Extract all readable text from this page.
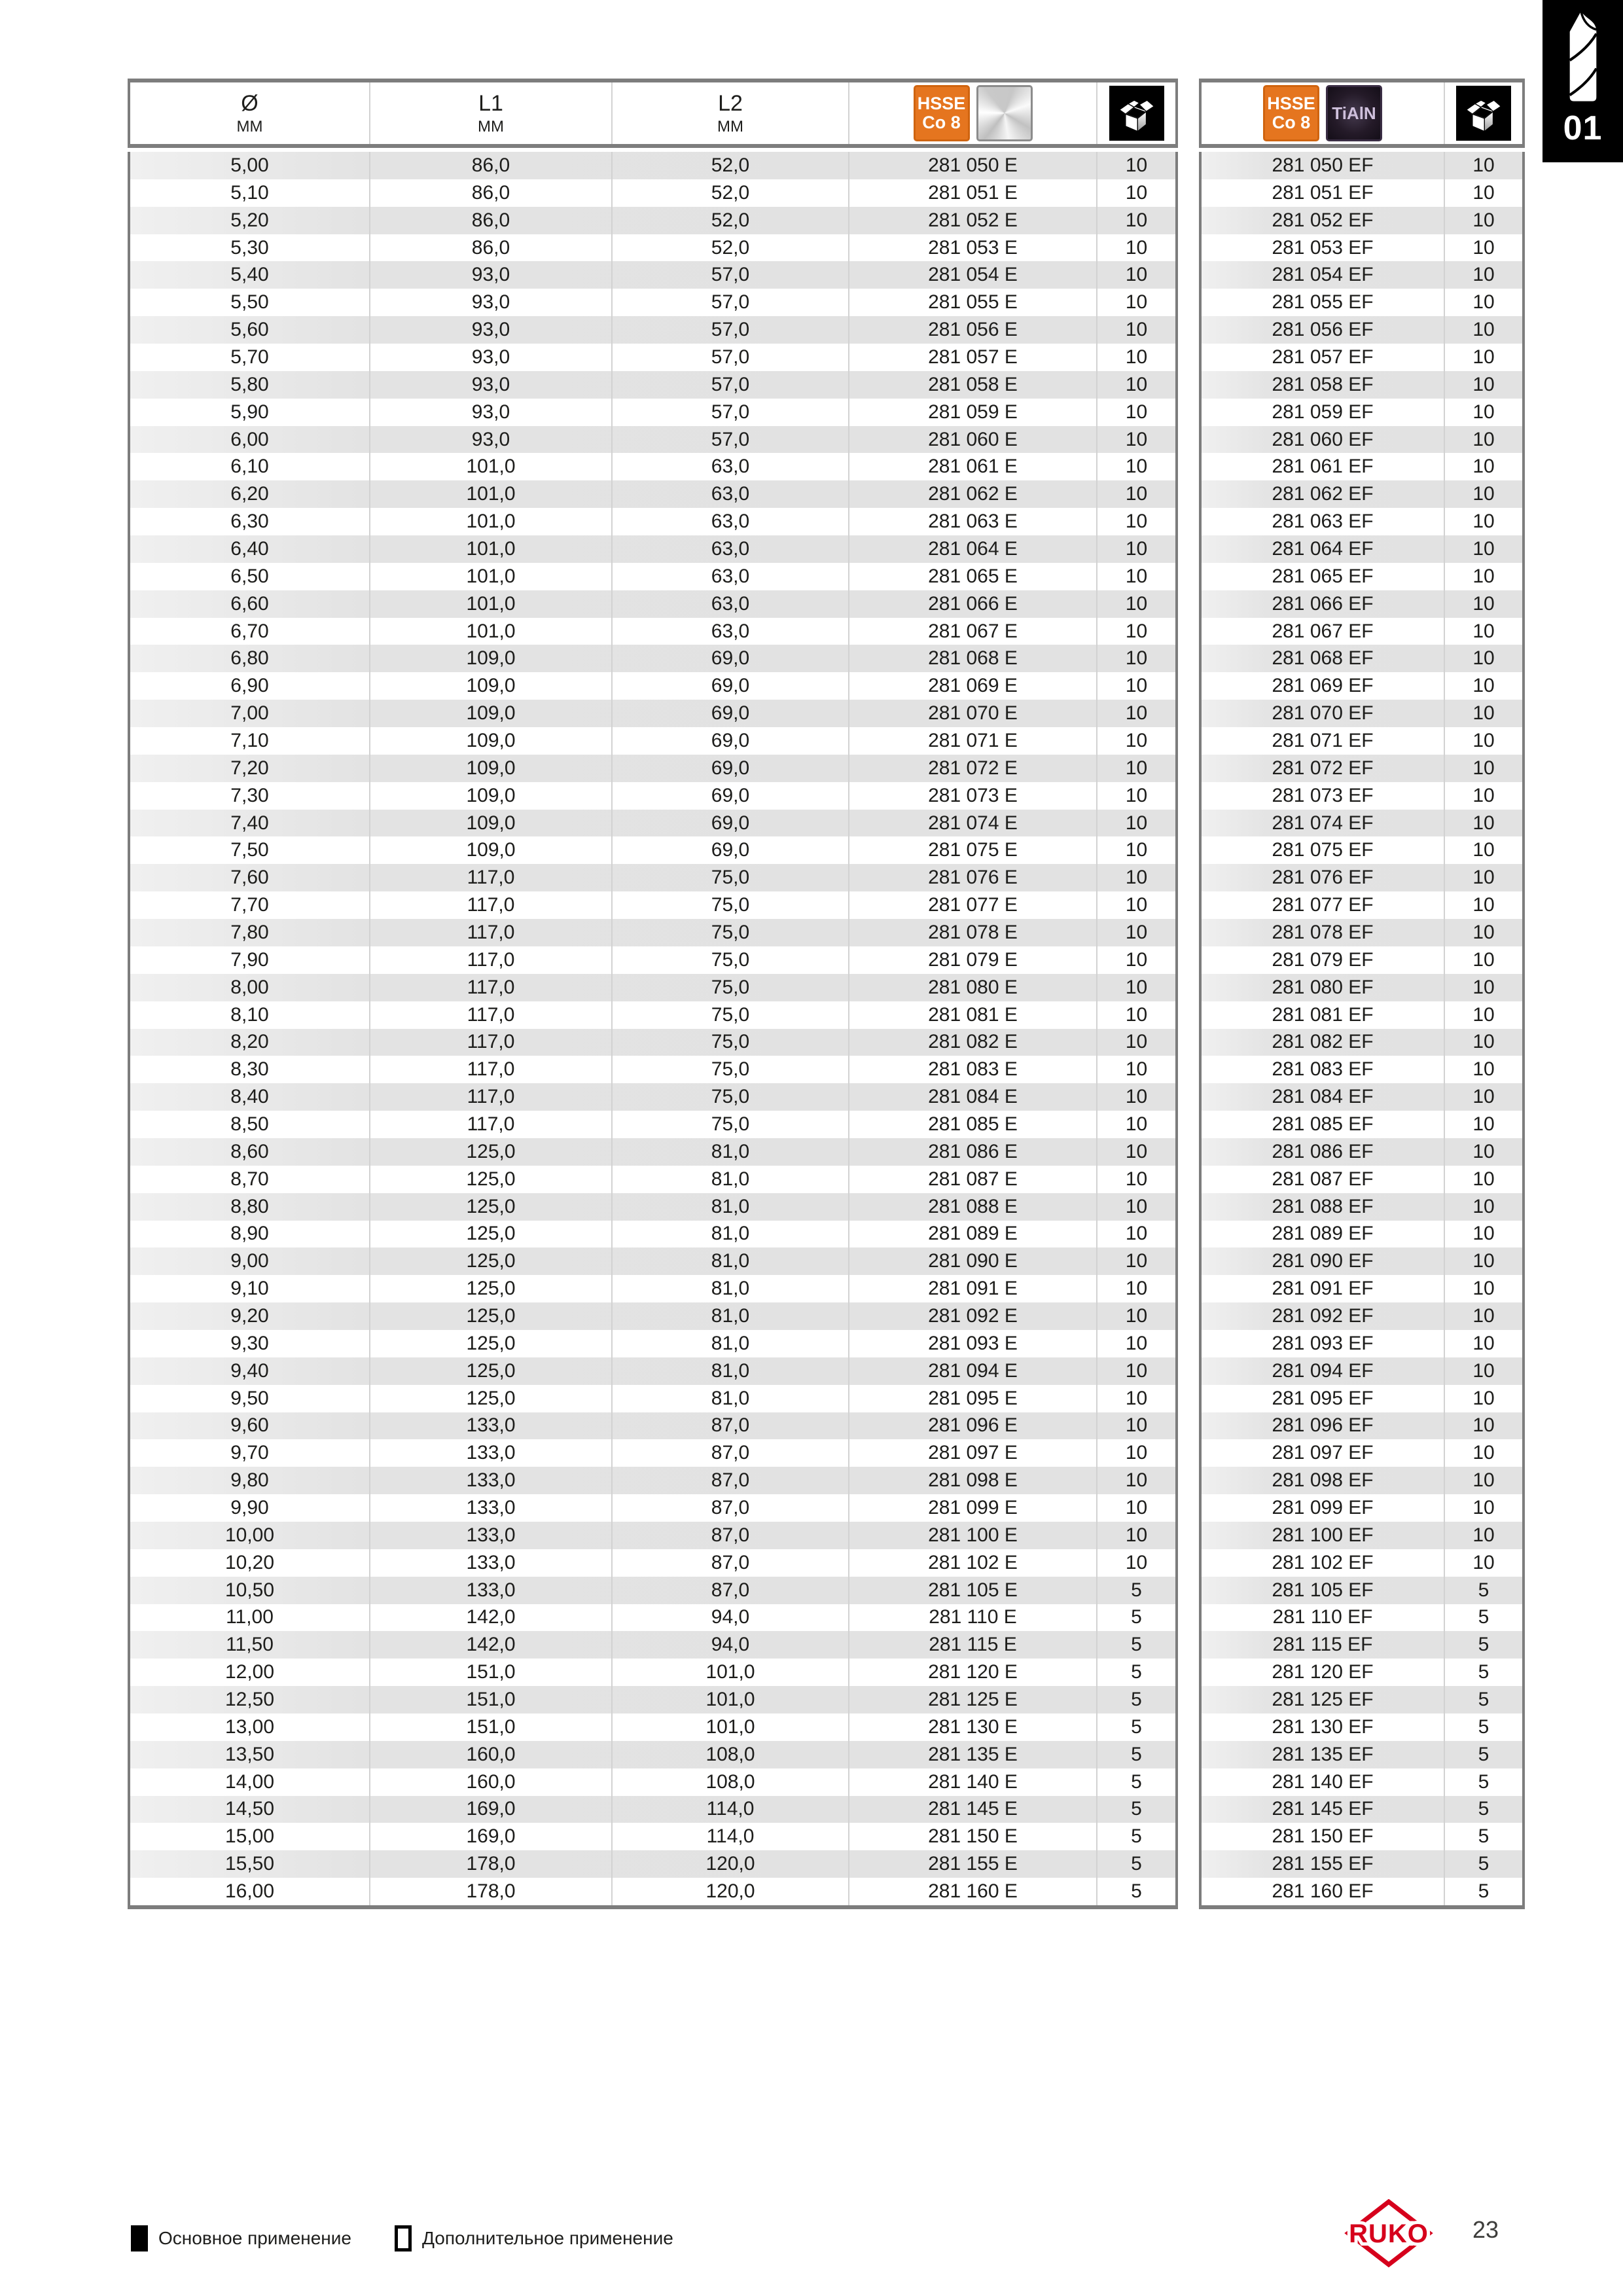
01
Ø
MM
L1
MM
L2
MM
HSSE
Co 8
5,00	86,0	52,0	281 050 E	10
5,10	86,0	52,0	281 051 E	10
5,20	86,0	52,0	281 052 E	10
5,30	86,0	52,0	281 053 E	10
5,40	93,0	57,0	281 054 E	10
5,50	93,0	57,0	281 055 E	10
5,60	93,0	57,0	281 056 E	10
5,70	93,0	57,0	281 057 E	10
5,80	93,0	57,0	281 058 E	10
5,90	93,0	57,0	281 059 E	10
6,00	93,0	57,0	281 060 E	10
6,10	101,0	63,0	281 061 E	10
6,20	101,0	63,0	281 062 E	10
6,30	101,0	63,0	281 063 E	10
6,40	101,0	63,0	281 064 E	10
6,50	101,0	63,0	281 065 E	10
6,60	101,0	63,0	281 066 E	10
6,70	101,0	63,0	281 067 E	10
6,80	109,0	69,0	281 068 E	10
6,90	109,0	69,0	281 069 E	10
7,00	109,0	69,0	281 070 E	10
7,10	109,0	69,0	281 071 E	10
7,20	109,0	69,0	281 072 E	10
7,30	109,0	69,0	281 073 E	10
7,40	109,0	69,0	281 074 E	10
7,50	109,0	69,0	281 075 E	10
7,60	117,0	75,0	281 076 E	10
7,70	117,0	75,0	281 077 E	10
7,80	117,0	75,0	281 078 E	10
7,90	117,0	75,0	281 079 E	10
8,00	117,0	75,0	281 080 E	10
8,10	117,0	75,0	281 081 E	10
8,20	117,0	75,0	281 082 E	10
8,30	117,0	75,0	281 083 E	10
8,40	117,0	75,0	281 084 E	10
8,50	117,0	75,0	281 085 E	10
8,60	125,0	81,0	281 086 E	10
8,70	125,0	81,0	281 087 E	10
8,80	125,0	81,0	281 088 E	10
8,90	125,0	81,0	281 089 E	10
9,00	125,0	81,0	281 090 E	10
9,10	125,0	81,0	281 091 E	10
9,20	125,0	81,0	281 092 E	10
9,30	125,0	81,0	281 093 E	10
9,40	125,0	81,0	281 094 E	10
9,50	125,0	81,0	281 095 E	10
9,60	133,0	87,0	281 096 E	10
9,70	133,0	87,0	281 097 E	10
9,80	133,0	87,0	281 098 E	10
9,90	133,0	87,0	281 099 E	10
10,00	133,0	87,0	281 100 E	10
10,20	133,0	87,0	281 102 E	10
10,50	133,0	87,0	281 105 E	5
11,00	142,0	94,0	281 110 E	5
11,50	142,0	94,0	281 115 E	5
12,00	151,0	101,0	281 120 E	5
12,50	151,0	101,0	281 125 E	5
13,00	151,0	101,0	281 130 E	5
13,50	160,0	108,0	281 135 E	5
14,00	160,0	108,0	281 140 E	5
14,50	169,0	114,0	281 145 E	5
15,00	169,0	114,0	281 150 E	5
15,50	178,0	120,0	281 155 E	5
16,00	178,0	120,0	281 160 E	5
HSSE
Co 8 TiAlN
281 050 EF	10
281 051 EF	10
281 052 EF	10
281 053 EF	10
281 054 EF	10
281 055 EF	10
281 056 EF	10
281 057 EF	10
281 058 EF	10
281 059 EF	10
281 060 EF	10
281 061 EF	10
281 062 EF	10
281 063 EF	10
281 064 EF	10
281 065 EF	10
281 066 EF	10
281 067 EF	10
281 068 EF	10
281 069 EF	10
281 070 EF	10
281 071 EF	10
281 072 EF	10
281 073 EF	10
281 074 EF	10
281 075 EF	10
281 076 EF	10
281 077 EF	10
281 078 EF	10
281 079 EF	10
281 080 EF	10
281 081 EF	10
281 082 EF	10
281 083 EF	10
281 084 EF	10
281 085 EF	10
281 086 EF	10
281 087 EF	10
281 088 EF	10
281 089 EF	10
281 090 EF	10
281 091 EF	10
281 092 EF	10
281 093 EF	10
281 094 EF	10
281 095 EF	10
281 096 EF	10
281 097 EF	10
281 098 EF	10
281 099 EF	10
281 100 EF	10
281 102 EF	10
281 105 EF	5
281 110 EF	5
281 115 EF	5
281 120 EF	5
281 125 EF	5
281 130 EF	5
281 135 EF	5
281 140 EF	5
281 145 EF	5
281 150 EF	5
281 155 EF	5
281 160 EF	5
Основное применение	Дополнительное применение	RUKO 23
